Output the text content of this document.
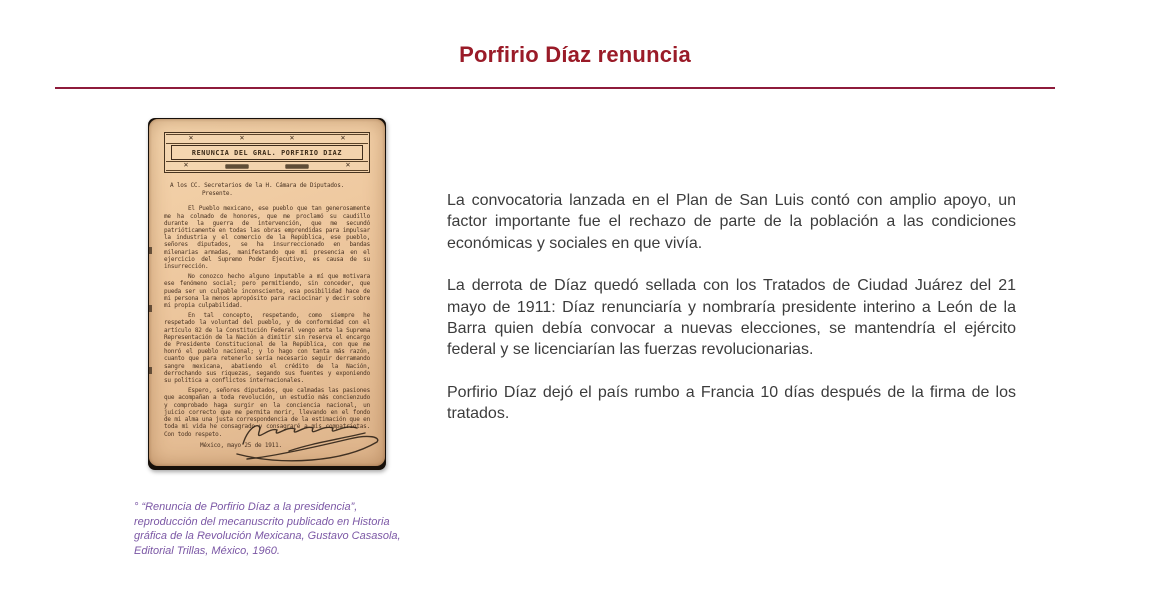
Porfirio Díaz renuncia
✕	✕	✕	✕
RENUNCIA DEL GRAL. PORFIRIO DIAZ
✕	✕
A los CC. Secretarios de la H. Cámara de Diputados.
Presente.

El Pueblo mexicano, ese pueblo que tan generosamente me ha colmado de honores, que me proclamó su caudillo durante la guerra de intervención, que me secundó patrióticamente en todas las obras emprendidas para impulsar la industria y el comercio de la República, ese pueblo, señores diputados, se ha insurreccionado en bandas milenarias armadas, manifestando que mi presencia en el ejercicio del Supremo Poder Ejecutivo, es causa de su insurrección.

No conozco hecho alguno imputable a mí que motivara ese fenómeno social; pero permitiendo, sin conceder, que pueda ser un culpable inconsciente, esa posibilidad hace de mi persona la menos apropósito para raciocinar y decir sobre mi propia culpabilidad.

En tal concepto, respetando, como siempre he respetado la voluntad del pueblo, y de conformidad con el artículo 82 de la Constitución Federal vengo ante la Suprema Representación de la Nación a dimitir sin reserva el encargo de Presidente Constitucional de la República, con que me honró el pueblo nacional; y lo hago con tanta más razón, cuanto que para retenerlo sería necesario seguir derramando sangre mexicana, abatiendo el crédito de la Nación, derrochando sus riquezas, segando sus fuentes y exponiendo su política a conflictos internacionales.

Espero, señores diputados, que calmadas las pasiones que acompañan a toda revolución, un estudio más concienzudo y comprobado haga surgir en la conciencia nacional, un juicio correcto que me permita morir, llevando en el fondo de mi alma una justa correspondencia de la estimación que en toda mi vida he consagrado y consagraré a mis compatriotas. Con todo respeto.

México, mayo 25 de 1911.

° “Renuncia de Porfirio Díaz a la presidencia”, reproducción del mecanuscrito publicado en Historia gráfica de la Revolución Mexicana, Gustavo Casasola, Editorial Trillas, México, 1960.

La convocatoria lanzada en el Plan de San Luis contó con amplio apoyo, un factor importante fue el rechazo de parte de la población a las condiciones económicas y sociales en que vivía.

La derrota de Díaz quedó sellada con los Tratados de Ciudad Juárez del 21 mayo de 1911: Díaz renunciaría y nombraría presidente interino a León de la Barra quien debía convocar a nuevas elecciones, se mantendría el ejército federal y se licenciarían las fuerzas revolucionarias.

Porfirio Díaz dejó el país rumbo a Francia 10 días después de la firma de los tratados.
